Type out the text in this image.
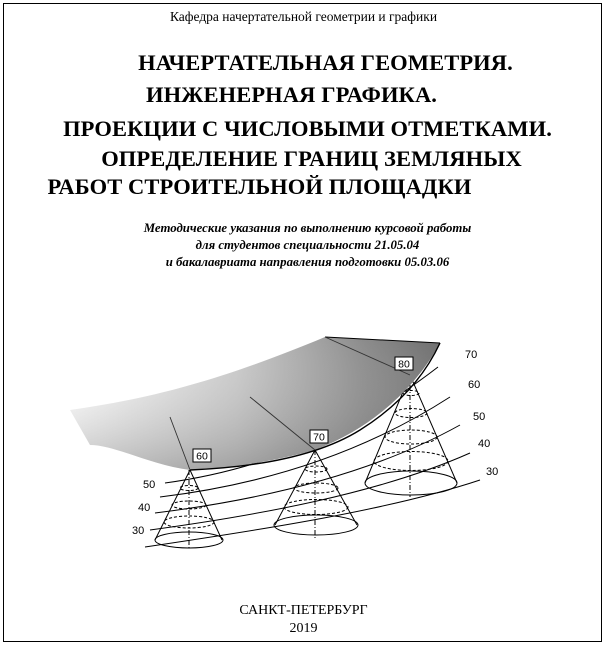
Кафедра начертательной геометрии и графики
НАЧЕРТАТЕЛЬНАЯ ГЕОМЕТРИЯ.
ИНЖЕНЕРНАЯ ГРАФИКА.
ПРОЕКЦИИ С ЧИСЛОВЫМИ ОТМЕТКАМИ.
ОПРЕДЕЛЕНИЕ ГРАНИЦ ЗЕМЛЯНЫХ
РАБОТ СТРОИТЕЛЬНОЙ ПЛОЩАДКИ
Методические указания по выполнению курсовой работы
для студентов специальности 21.05.04
и бакалавриата направления подготовки 05.03.06
60
70
80
50
40
30
70
60
50
40
30
САНКТ-ПЕТЕРБУРГ
2019
